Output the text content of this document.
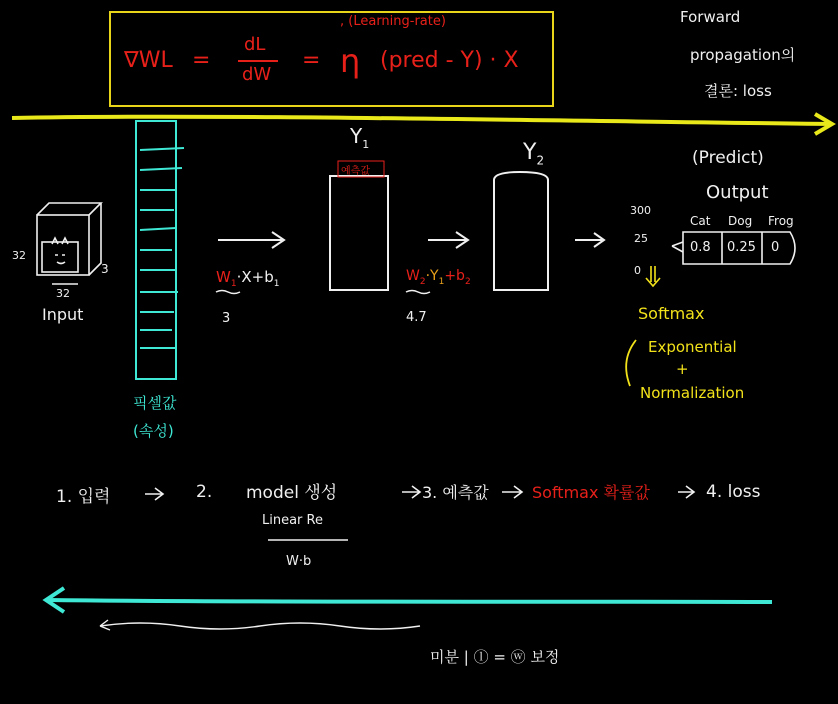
∇WL =
dL
dW
= η
, (Learning-rate)
(pred - Y) · X
Forward
propagation의
결론: loss
32
32
3
Input
픽셀값
(속성)
$Y_1$
예측값
$W_1\cdot X+b_1$
3
$Y_2$
$W_2\cdot Y_1+b_2$
4.7
(Predict)
Output
300
25
0
Cat Dog Frog
0.8 0.25 0
Softmax
Exponential
+
Normalization
1. 입력	2. model 생성
Linear Re
W·b
3. 예측값	Softmax 확률값	4. loss
미분 | ⓛ = ⓦ 보정
